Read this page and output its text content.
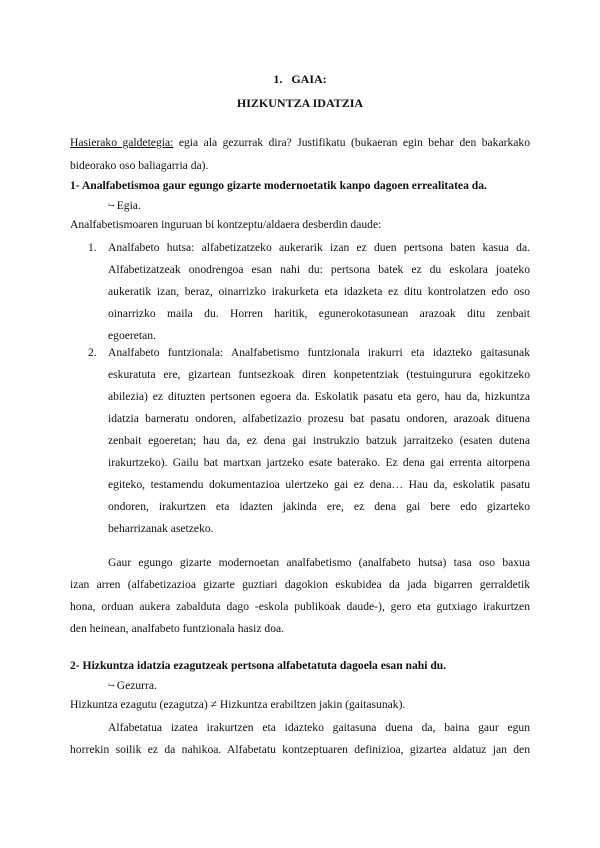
1. GAIA:
HIZKUNTZA IDATZIA
Hasierako galdetegia: egia ala gezurrak dira? Justifikatu (bukaeran egin behar den bakarkako
bideorako oso baliagarria da).
1- Analfabetismoa gaur egungo gizarte modernoetatik kanpo dagoen errealitatea da.
↪ Egia.
Analfabetismoaren inguruan bi kontzeptu/aldaera desberdin daude:
1. Analfabeto hutsa: alfabetizatzeko aukerarik izan ez duen pertsona baten kasua da.
Alfabetizatzeak onodrengoa esan nahi du: pertsona batek ez du eskolara joateko
aukeratik izan, beraz, oinarrizko irakurketa eta idazketa ez ditu kontrolatzen edo oso
oinarrizko maila du. Horren haritik, egunerokotasunean arazoak ditu zenbait
egoeretan.
2. Analfabeto funtzionala: Analfabetismo funtzionala irakurri eta idazteko gaitasunak
eskuratuta ere, gizartean funtsezkoak diren konpetentziak (testuingurura egokitzeko
abilezia) ez dituzten pertsonen egoera da. Eskolatik pasatu eta gero, hau da, hizkuntza
idatzia barneratu ondoren, alfabetizazio prozesu bat pasatu ondoren, arazoak dituena
zenbait egoeretan; hau da, ez dena gai instrukzio batzuk jarraitzeko (esaten dutena
irakurtzeko). Gailu bat martxan jartzeko esate baterako. Ez dena gai errenta aitorpena
egiteko, testamendu dokumentazioa ulertzeko gai ez dena… Hau da, eskolatik pasatu
ondoren, irakurtzen eta idazten jakinda ere, ez dena gai bere edo gizarteko
beharrizanak asetzeko.
Gaur egungo gizarte modernoetan analfabetismo (analfabeto hutsa) tasa oso baxua
izan arren (alfabetizazioa gizarte guztiari dagokion eskubidea da jada bigarren gerraldetik
hona, orduan aukera zabalduta dago -eskola publikoak daude-), gero eta gutxiago irakurtzen
den heinean, analfabeto funtzionala hasiz doa.
2- Hizkuntza idatzia ezagutzeak pertsona alfabetatuta dagoela esan nahi du.
↪ Gezurra.
Hizkuntza ezagutu (ezagutza) ≠ Hizkuntza erabiltzen jakin (gaitasunak).
Alfabetatua izatea irakurtzen eta idazteko gaitasuna duena da, baina gaur egun
horrekin soilik ez da nahikoa. Alfabetatu kontzeptuaren definizioa, gizartea aldatuz jan den
